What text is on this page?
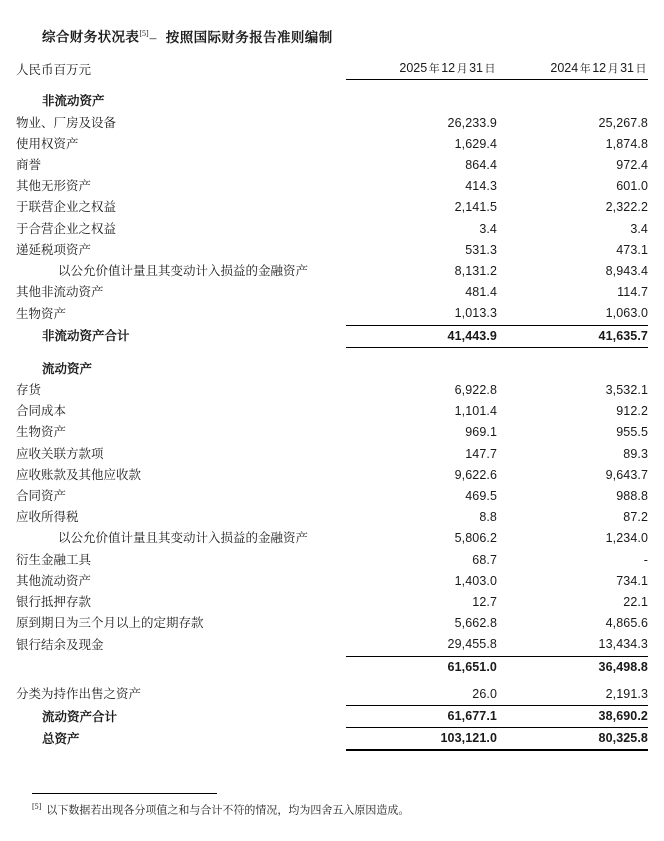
综合财务状况表[5]– 按照国际财务报告准则编制
人民币百万元	2025 年 12 月 31 日	2024 年 12 月 31 日

非流动资产		
物业、厂房及设备	26,233.9	25,267.8
使用权资产	1,629.4	1,874.8
商誉	864.4	972.4
其他无形资产	414.3	601.0
于联营企业之权益	2,141.5	2,322.2
于合营企业之权益	3.4	3.4
递延税项资产	531.3	473.1
以公允价值计量且其变动计入损益的金融资产	8,131.2	8,943.4
其他非流动资产	481.4	114.7
生物资产	1,013.3	1,063.0
非流动资产合计	41,443.9	41,635.7

流动资产		
存货	6,922.8	3,532.1
合同成本	1,101.4	912.2
生物资产	969.1	955.5
应收关联方款项	147.7	89.3
应收账款及其他应收款	9,622.6	9,643.7
合同资产	469.5	988.8
应收所得税	8.8	87.2
以公允价值计量且其变动计入损益的金融资产	5,806.2	1,234.0
衍生金融工具	68.7	-
其他流动资产	1,403.0	734.1
银行抵押存款	12.7	22.1
原到期日为三个月以上的定期存款	5,662.8	4,865.6
银行结余及现金	29,455.8	13,434.3
	61,651.0	36,498.8

分类为持作出售之资产	26.0	2,191.3
流动资产合计	61,677.1	38,690.2
总资产	103,121.0	80,325.8
[5] 以下数据若出现各分项值之和与合计不符的情况，均为四舍五入原因造成。
